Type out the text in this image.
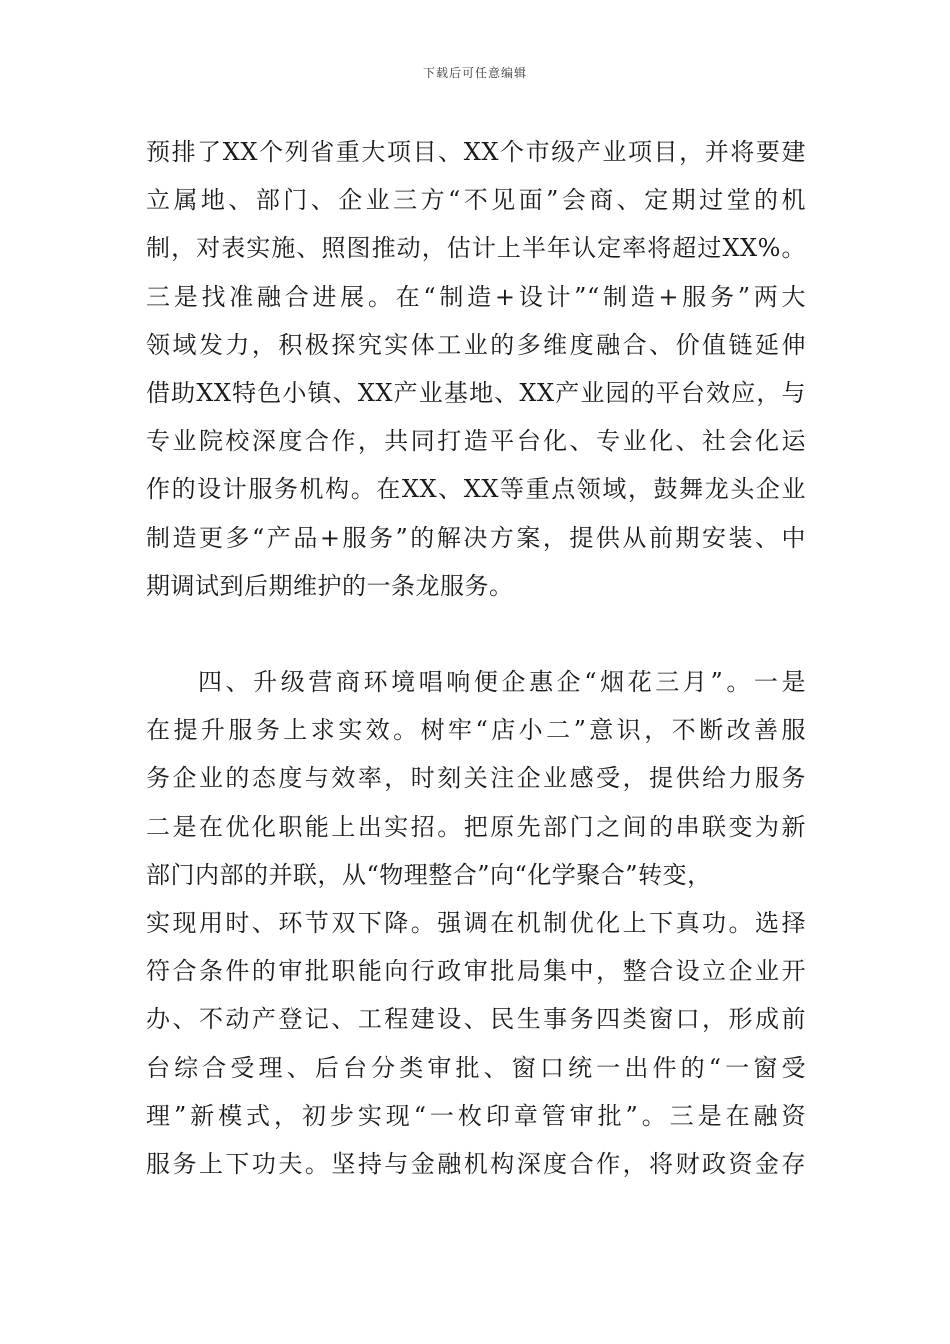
下载后可任意编辑
预排了XX个列省重大项目、XX个市级产业项目，并将要建
立属地、部门、企业三方“不见面”会商、定期过堂的机
制，对表实施、照图推动，估计上半年认定率将超过XX%。
三是找准融合进展。在“制造+设计”“制造+服务”两大
领域发力，积极探究实体工业的多维度融合、价值链延伸
借助XX特色小镇、XX产业基地、XX产业园的平台效应，与
专业院校深度合作，共同打造平台化、专业化、社会化运
作的设计服务机构。在XX、XX等重点领域，鼓舞龙头企业
制造更多“产品+服务”的解决方案，提供从前期安装、中
期调试到后期维护的一条龙服务。
四、升级营商环境唱响便企惠企“烟花三月”。一是
在提升服务上求实效。树牢“店小二”意识，不断改善服
务企业的态度与效率，时刻关注企业感受，提供给力服务
二是在优化职能上出实招。把原先部门之间的串联变为新
部门内部的并联，从“物理整合”向“化学聚合”转变，
实现用时、环节双下降。强调在机制优化上下真功。选择
符合条件的审批职能向行政审批局集中，整合设立企业开
办、不动产登记、工程建设、民生事务四类窗口，形成前
台综合受理、后台分类审批、窗口统一出件的“一窗受
理”新模式，初步实现“一枚印章管审批”。三是在融资
服务上下功夫。坚持与金融机构深度合作，将财政资金存
